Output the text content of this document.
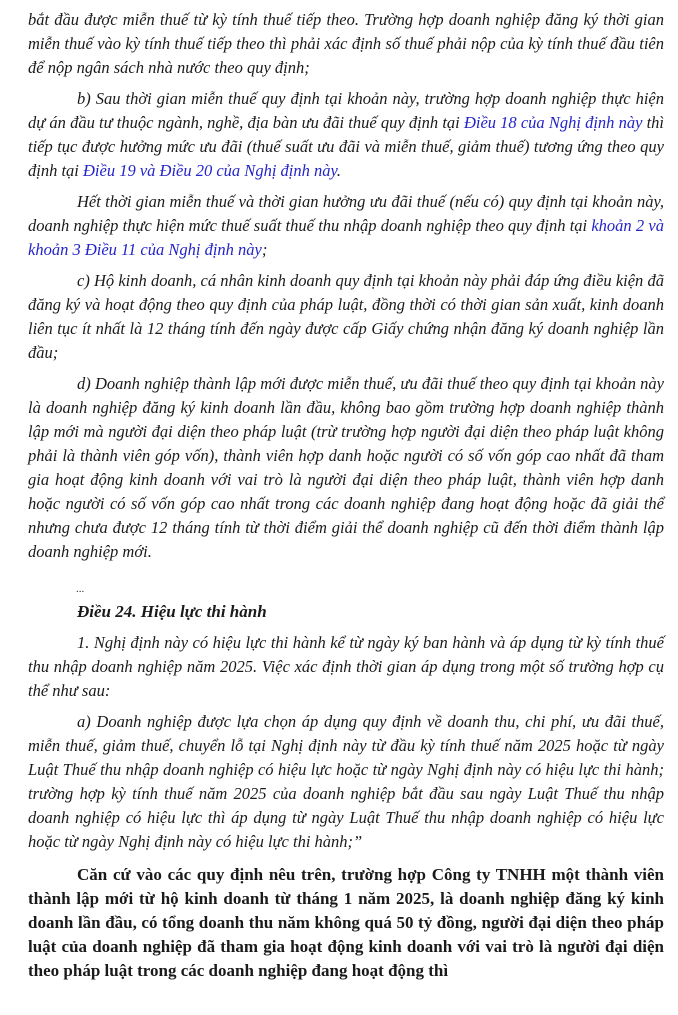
bắt đầu được miễn thuế từ kỳ tính thuế tiếp theo. Trường hợp doanh nghiệp đăng ký thời gian miễn thuế vào kỳ tính thuế tiếp theo thì phải xác định số thuế phải nộp của kỳ tính thuế đầu tiên để nộp ngân sách nhà nước theo quy định;

b) Sau thời gian miễn thuế quy định tại khoản này, trường hợp doanh nghiệp thực hiện dự án đầu tư thuộc ngành, nghề, địa bàn ưu đãi thuế quy định tại Điều 18 của Nghị định này thì tiếp tục được hưởng mức ưu đãi (thuế suất ưu đãi và miễn thuế, giảm thuế) tương ứng theo quy định tại Điều 19 và Điều 20 của Nghị định này.

Hết thời gian miễn thuế và thời gian hưởng ưu đãi thuế (nếu có) quy định tại khoản này, doanh nghiệp thực hiện mức thuế suất thuế thu nhập doanh nghiệp theo quy định tại khoản 2 và khoản 3 Điều 11 của Nghị định này;

c) Hộ kinh doanh, cá nhân kinh doanh quy định tại khoản này phải đáp ứng điều kiện đã đăng ký và hoạt động theo quy định của pháp luật, đồng thời có thời gian sản xuất, kinh doanh liên tục ít nhất là 12 tháng tính đến ngày được cấp Giấy chứng nhận đăng ký doanh nghiệp lần đầu;

d) Doanh nghiệp thành lập mới được miễn thuế, ưu đãi thuế theo quy định tại khoản này là doanh nghiệp đăng ký kinh doanh lần đầu, không bao gồm trường hợp doanh nghiệp thành lập mới mà người đại diện theo pháp luật (trừ trường hợp người đại diện theo pháp luật không phải là thành viên góp vốn), thành viên hợp danh hoặc người có số vốn góp cao nhất đã tham gia hoạt động kinh doanh với vai trò là người đại diện theo pháp luật, thành viên hợp danh hoặc người có số vốn góp cao nhất trong các doanh nghiệp đang hoạt động hoặc đã giải thể nhưng chưa được 12 tháng tính từ thời điểm giải thể doanh nghiệp cũ đến thời điểm thành lập doanh nghiệp mới.

...

Điều 24. Hiệu lực thi hành

1. Nghị định này có hiệu lực thi hành kể từ ngày ký ban hành và áp dụng từ kỳ tính thuế thu nhập doanh nghiệp năm 2025. Việc xác định thời gian áp dụng trong một số trường hợp cụ thể như sau:

a) Doanh nghiệp được lựa chọn áp dụng quy định về doanh thu, chi phí, ưu đãi thuế, miễn thuế, giảm thuế, chuyển lỗ tại Nghị định này từ đầu kỳ tính thuế năm 2025 hoặc từ ngày Luật Thuế thu nhập doanh nghiệp có hiệu lực hoặc từ ngày Nghị định này có hiệu lực thi hành; trường hợp kỳ tính thuế năm 2025 của doanh nghiệp bắt đầu sau ngày Luật Thuế thu nhập doanh nghiệp có hiệu lực thì áp dụng từ ngày Luật Thuế thu nhập doanh nghiệp có hiệu lực hoặc từ ngày Nghị định này có hiệu lực thi hành;”

Căn cứ vào các quy định nêu trên, trường hợp Công ty TNHH một thành viên thành lập mới từ hộ kinh doanh từ tháng 1 năm 2025, là doanh nghiệp đăng ký kinh doanh lần đầu, có tổng doanh thu năm không quá 50 tỷ đồng, người đại diện theo pháp luật của doanh nghiệp đã tham gia hoạt động kinh doanh với vai trò là người đại diện theo pháp luật trong các doanh nghiệp đang hoạt động thì
